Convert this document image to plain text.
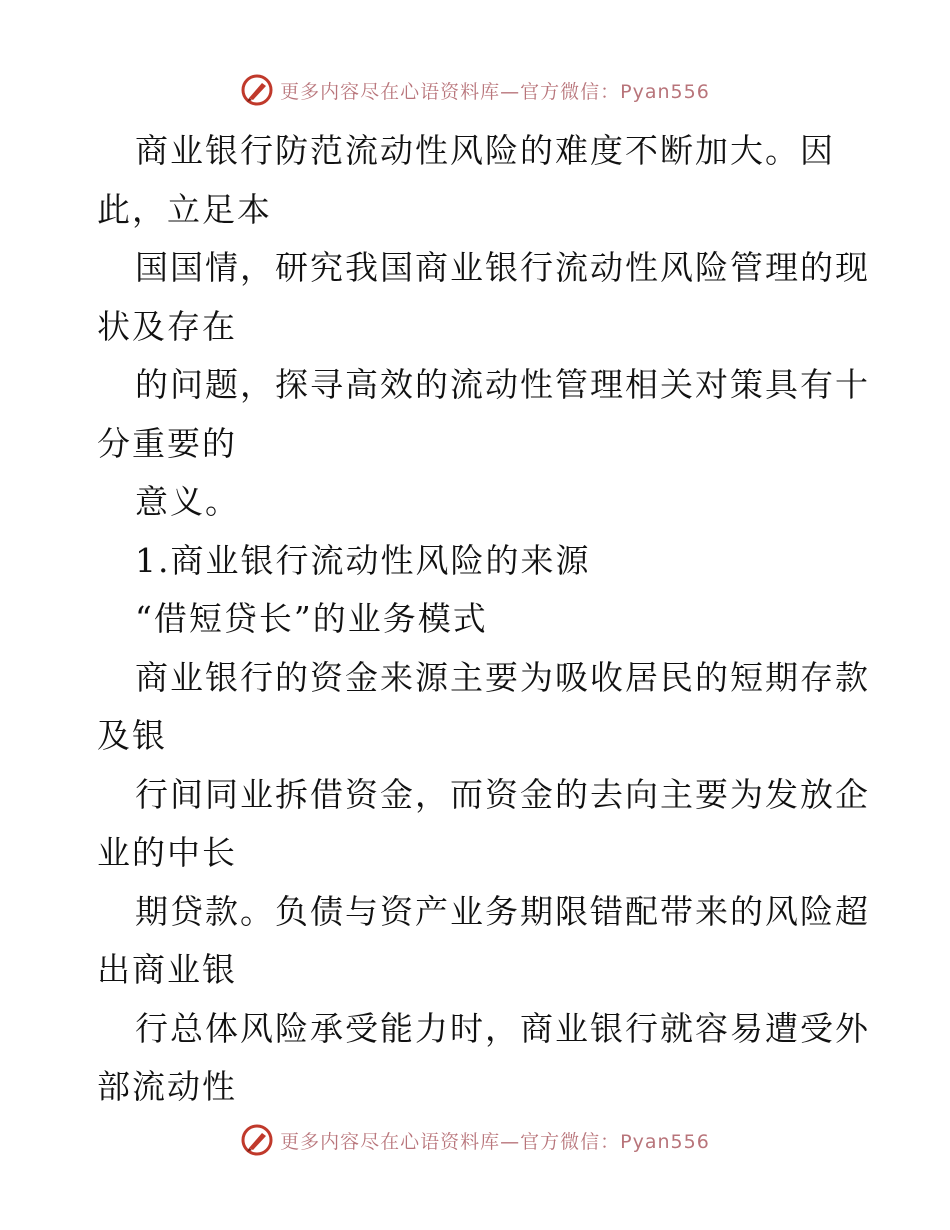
更多内容尽在心语资料库—官方微信：Pyan556
商业银行防范流动性风险的难度不断加大。因
此，立足本
国国情，研究我国商业银行流动性风险管理的现
状及存在
的问题，探寻高效的流动性管理相关对策具有十
分重要的
意义。
1.商业银行流动性风险的来源
“借短贷长”的业务模式
商业银行的资金来源主要为吸收居民的短期存款
及银
行间同业拆借资金，而资金的去向主要为发放企
业的中长
期贷款。负债与资产业务期限错配带来的风险超
出商业银
行总体风险承受能力时，商业银行就容易遭受外
部流动性
更多内容尽在心语资料库—官方微信：Pyan556
